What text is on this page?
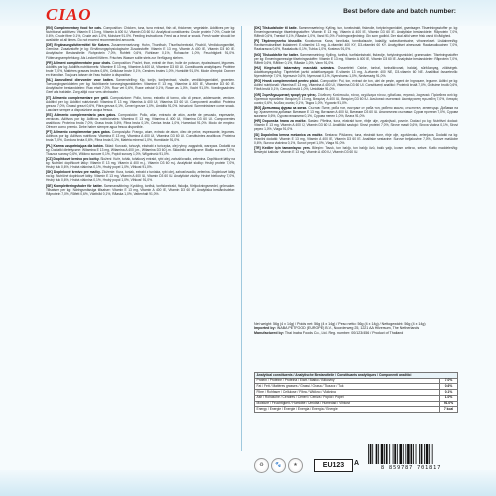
CIAO	Best before date and batch number:
[EN] Complementary food for cats. Composition: Chicken, tuna, tuna extract, fish oil, thickener, vegetable. Additives per kg: Nutritional additives: Vitamin E 13 mg, Vitamin A 400 IU, Vitamin D3 60 IU. Analytical constituents: Crude protein 7.0%, Crude fat 0.6%, Crude fibre 0.1%, Crude ash 1.0%, Moisture 91.0%. Feeding instructions: Feed as a treat or snack. Fresh water should be available at all times. Do not exceed recommended amounts.
[DE] Ergänzungsfuttermittel für Katzen. Zusammensetzung: Huhn, Thunfisch, Thunfischextrakt, Fischöl, Verdickungsmittel, Gemüse. Zusatzstoffe je kg: Ernährungsphysiologische Zusatzstoffe: Vitamin E 13 mg, Vitamin A 400 IE, Vitamin D3 60 IE. Analytische Bestandteile: Rohprotein 7,0%, Rohfett 0,6%, Rohfaser 0,1%, Rohasche 1,0%, Feuchtigkeit 91,0%. Fütterungsempfehlung: Als Leckerli füttern. Frisches Wasser sollte stets zur Verfügung stehen.
[FR] Aliment complémentaire pour chats. Composition: Poulet, thon, extrait de thon, huile de poisson, épaississant, légumes. Additifs par kg: Additifs nutritionnels: Vitamine E 13 mg, Vitamine A 400 UI, Vitamine D3 60 UI. Constituants analytiques: Protéine brute 7,0%, Matières grasses brutes 0,6%, Cellulose brute 0,1%, Cendres brutes 1,0%, Humidité 91,0%. Mode d'emploi: Donner en friandise. Toujours laisser de l'eau fraîche à disposition.
[NL] Aanvullend diervoeder voor katten. Samenstelling: Kip, tonijn, tonijnextract, visolie, verdikkingsmiddel, groenten. Toevoegingsmiddelen per kg: Nutritionele toevoegingsmiddelen: Vitamine E 13 mg, Vitamine A 400 IE, Vitamine D3 60 IE. Analytische bestanddelen: Ruw eiwit 7,0%, Ruw vet 0,6%, Ruwe celstof 0,1%, Ruwe as 1,0%, Vocht 91,0%. Voedingsadvies: Geef als traktatie. Zorg altijd voor vers drinkwater.
[IT] Alimento complementare per gatti. Composizione: Pollo, tonno, estratto di tonno, olio di pesce, addensante, verdure. Additivi per kg: Additivi nutrizionali: Vitamina E 13 mg, Vitamina A 400 UI, Vitamina D3 60 UI. Componenti analitici: Proteina grezza 7,0%, Grassi grezzi 0,6%, Fibra grezza 0,1%, Ceneri grezze 1,0%, Umidità 91,0%. Istruzioni: Somministrare come snack. Lasciare sempre a disposizione acqua fresca.
[ES] Alimento complementario para gatos. Composición: Pollo, atún, extracto de atún, aceite de pescado, espesante, verduras. Aditivos por kg: Aditivos nutricionales: Vitamina E 13 mg, Vitamina A 400 UI, Vitamina D3 60 UI. Componentes analíticos: Proteína bruta 7,0%, Grasa bruta 0,6%, Fibra bruta 0,1%, Ceniza bruta 1,0%, Humedad 91,0%. Modo de empleo: Ofrecer como premio. Debe haber siempre agua fresca disponible.
[PT] Alimento complementar para gatos. Composição: Frango, atum, extrato de atum, óleo de peixe, espessante, legumes. Aditivos por kg: Aditivos nutritivos: Vitamina E 13 mg, Vitamina A 400 UI, Vitamina D3 60 UI. Constituintes analíticos: Proteína bruta 7,0%, Gordura bruta 0,6%, Fibra bruta 0,1%, Matéria mineral 1,0%, Humidade 91,0%.
[PL] Karma uzupełniająca dla kotów. Skład: Kurczak, tuńczyk, ekstrakt z tuńczyka, olej rybny, zagęstnik, warzywa. Dodatki na kg: Dodatki dietetyczne: Witamina E 13 mg, Witamina A 400 j.m., Witamina D3 60 j.m. Składniki analityczne: Białko surowe 7,0%, Tłuszcz surowy 0,6%, Włókno surowe 0,1%, Popiół surowy 1,0%, Wilgotność 91,0%.
[CZ] Doplňkové krmivo pro kočky. Složení: Kuře, tuňák, tuňákový extrakt, rybí olej, zahušťovadlo, zelenina. Doplňkové látky na kg: Nutriční doplňkové látky: Vitamín E 13 mg, Vitamín A 400 m.j., Vitamín D3 60 m.j. Analytické složky: Hrubý protein 7,0%, Hrubý tuk 0,6%, Hrubá vláknina 0,1%, Hrubý popel 1,0%, Vlhkost 91,0%.
[SK] Doplnkové krmivo pre mačky. Zloženie: Kura, tuniak, extrakt z tuniaka, rybí olej, zahusťovadlo, zelenina. Doplnkové látky na kg: Nutričné doplnkové látky: Vitamín E 13 mg, Vitamín A 400 IU, Vitamín D3 60 IU. Analytické zložky: Hrubé bielkoviny 7,0%, Hrubý tuk 0,6%, Hrubá vláknina 0,1%, Hrubý popol 1,0%, Vlhkosť 91,0%.
[SE] Kompletteringsfoder för katter. Sammansättning: Kyckling, tonfisk, tonfiskextrakt, fiskolja, förtjockningsmedel, grönsaker. Tillsatser per kg: Näringsmässiga tillsatser: Vitamin E 13 mg, Vitamin A 400 IE, Vitamin D3 60 IE. Analytiska beståndsdelar: Råprotein 7,0%, Råfett 0,6%, Växttråd 0,1%, Råaska 1,0%, Vattenhalt 91,0%.
[DK] Tilskudsfoder til katte. Sammensætning: Kylling, tun, tunekstrakt, fiskeolie, fortykningsmiddel, grøntsager. Tilsætningsstoffer pr. kg: Ernæringsmæssige tilsætningsstoffer: Vitamin E 13 mg, Vitamin A 400 IE, Vitamin D3 60 IE. Analytiske bestanddele: Råprotein 7,0%, Råfedt 0,6%, Træstof 0,1%, Råaske 1,0%, Vand 91,0%. Fodringsvejledning: Giv som godbid. Der skal altid være frisk vand til rådighed.
[FI] Täydennysrehu kissoille. Koostumus: Kana, tonnikala, tonnikalauute, kalaöljy, sakeuttamisaine, vihannekset. Lisäaineet/kg: Ravitsemukselliset lisäaineet: E-vitamiini 13 mg, A-vitamiini 400 KY, D3-vitamiini 60 KY. Analyyttiset ainesosat: Raakavalkuainen 7,0%, Raakarasva 0,6%, Raakakuitu 0,1%, Tuhka 1,0%, Kosteus 91,0%.
[NO] Tilskuddsfôr for katter. Sammensetning: Kylling, tunfisk, tunfiskekstrakt, fiskeolje, fortykningsmiddel, grønnsaker. Tilsetningsstoffer per kg: Ernæringsmessige tilsetningsstoffer: Vitamin E 13 mg, Vitamin A 400 IE, Vitamin D3 60 IE. Analytiske bestanddeler: Råprotein 7,0%, Råfett 0,6%, Råfiber 0,1%, Råaske 1,0%, Vann 91,0%.
[HU] Kiegészítő takarmány macskák számára. Összetétel: Csirke, tonhal, tonhalkivonat, halolaj, sűrítőanyag, zöldségek. Adalékanyagok/kg: Tápértéket javító adalékanyagok: E-vitamin 13 mg, A-vitamin 400 NE, D3-vitamin 60 NE. Analitikai összetevők: Nyersfehérje 7,0%, Nyerszsír 0,6%, Nyersrost 0,1%, Nyershamu 1,0%, Nedvesség 91,0%.
[RO] Hrană complementară pentru pisici. Compoziție: Pui, ton, extract de ton, ulei de pește, agent de îngroșare, legume. Aditivi pe kg: Aditivi nutriționali: Vitamina E 13 mg, Vitamina A 400 UI, Vitamina D3 60 UI. Constituenți analitici: Proteină brută 7,0%, Grăsime brută 0,6%, Fibră brută 0,1%, Cenușă brută 1,0%, Umiditate 91,0%.
[GR] Συμπληρωματική τροφή για γάτες. Σύνθεση: Κοτόπουλο, τόνος, εκχύλισμα τόνου, ιχθυέλαιο, πηκτικό, λαχανικά. Πρόσθετα ανά kg: Θρεπτικά πρόσθετα: Βιταμίνη E 13 mg, Βιταμίνη A 400 IU, Βιταμίνη D3 60 IU. Αναλυτικά συστατικά: Ακατέργαστη πρωτεΐνη 7,0%, Λιπαρές ουσίες 0,6%, Ινώδεις ουσίες 0,1%, Τέφρα 1,0%, Υγρασία 91,0%.
[BG] Допълващ фураж за котки. Състав: Пиле, риба тон, екстракт от риба тон, рибено масло, сгъстител, зеленчуци. Добавки на kg: Хранителни добавки: Витамин E 13 mg, Витамин A 400 IU, Витамин D3 60 IU. Аналитични съставки: Суров протеин 7,0%, Сурови мазнини 0,6%, Сурови влакнини 0,1%, Сурова пепел 1,0%, Влага 91,0%.
[HR] Dopunska hrana za mačke. Sastav: Piletina, tuna, ekstrakt tune, riblje ulje, zgušnjivač, povrće. Dodaci po kg: Nutritivni dodaci: Vitamin E 13 mg, Vitamin A 400 IJ, Vitamin D3 60 IJ. Analitički sastojci: Sirovi proteini 7,0%, Sirove masti 0,6%, Sirova vlakna 0,1%, Sirovi pepeo 1,0%, Vlaga 91,0%.
[SI] Dopolnilna krmna mešanica za mačke. Sestava: Piščanec, tuna, ekstrakt tune, ribje olje, zgoščevalo, zelenjava. Dodatki na kg: Hranilni dodatki: Vitamin E 13 mg, Vitamin A 400 IE, Vitamin D3 60 IE. Analitske sestavine: Surove beljakovine 7,0%, Surove maščobe 0,6%, Surova vlaknina 0,1%, Surovi pepel 1,0%, Vlaga 91,0%.
[TR] Kediler için tamamlayıcı yem. Bileşim: Tavuk, ton balığı, ton balığı özü, balık yağı, kıvam arttırıcı, sebze. Katkı maddeleri/kg: Besleyici katkılar: Vitamin E 13 mg, Vitamin A 400 IU, Vitamin D3 60 IU.
Net weight: 56g (4 x 14g) / Poids net: 56g (4 x 14g) / Peso netto: 56g (4 x 14g) / Nettogewicht: 56g (4 x 14g)
Imported by: INABA PETFOOD (EUROPE) B.V., Noorderweg 25, 1221 AA Hilversum, The Netherlands
Manufactured by: Thai Inaba Foods Co., Ltd. Reg. number: 00/123/456 / Product of Thailand
Analytical constituents / Analytische Bestandteile / Constituants analytiques / Componenti analitici	
Protein / Protéine / Proteína / Eiwit / Białko / Bílkoviny	7.0%
Fat / Fett / Matières grasses / Grassi / Grasa / Tłuszcz / Tuk	0.6%
Fibre / Rohfaser / Cellulose / Fibra / Włókno / Vláknina	0.1%
Ash / Rohasche / Cendres / Ceneri / Ceniza / Popiół / Popel	1.0%
Moisture / Feuchtigkeit / Humidité / Umidità / Humedad / Vlhkost	91.0%
Energy / Energie / Énergie / Energia / Energía / Energie	7 kcal
♻	🐾	★	EU123	A
8 859787 701817
